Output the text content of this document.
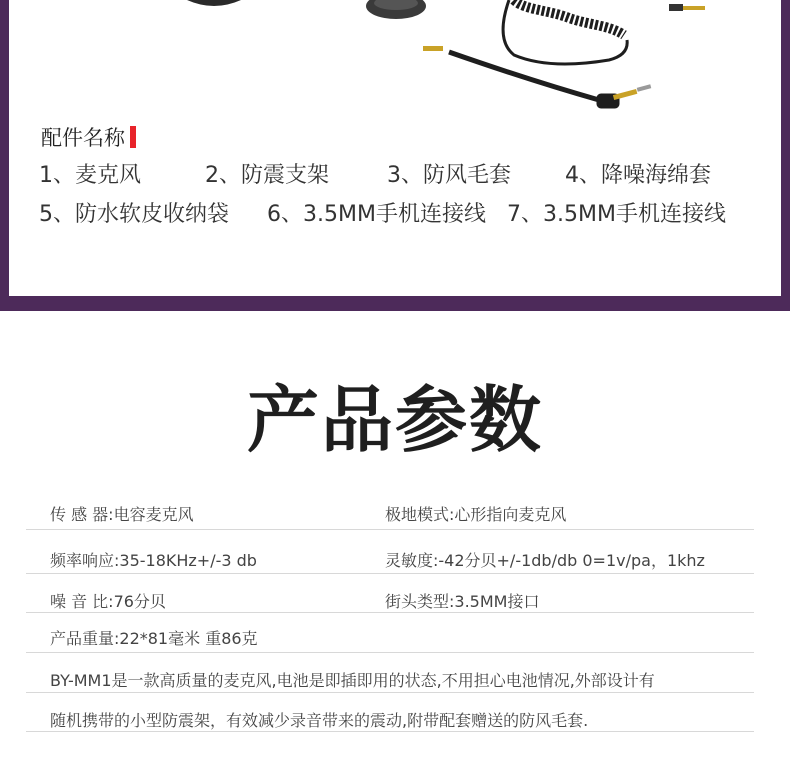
配件名称
1、麦克风	2、防震支架	3、防风毛套 4、降噪海绵套
5、防水软皮收纳袋 6、3.5MM手机连接线 7、3.5MM手机连接线
产品参数
传 感 器:电容麦克风	极地模式:心形指向麦克风
频率响应:35-18KHz+/-3 db	灵敏度:-42分贝+/-1db/db 0=1v/pa，1khz
噪 音 比:76分贝	街头类型:3.5MM接口
产品重量:22*81毫米 重86克
BY-MM1是一款高质量的麦克风,电池是即插即用的状态,不用担心电池情况,外部设计有
随机携带的小型防震架，有效减少录音带来的震动,附带配套赠送的防风毛套.
